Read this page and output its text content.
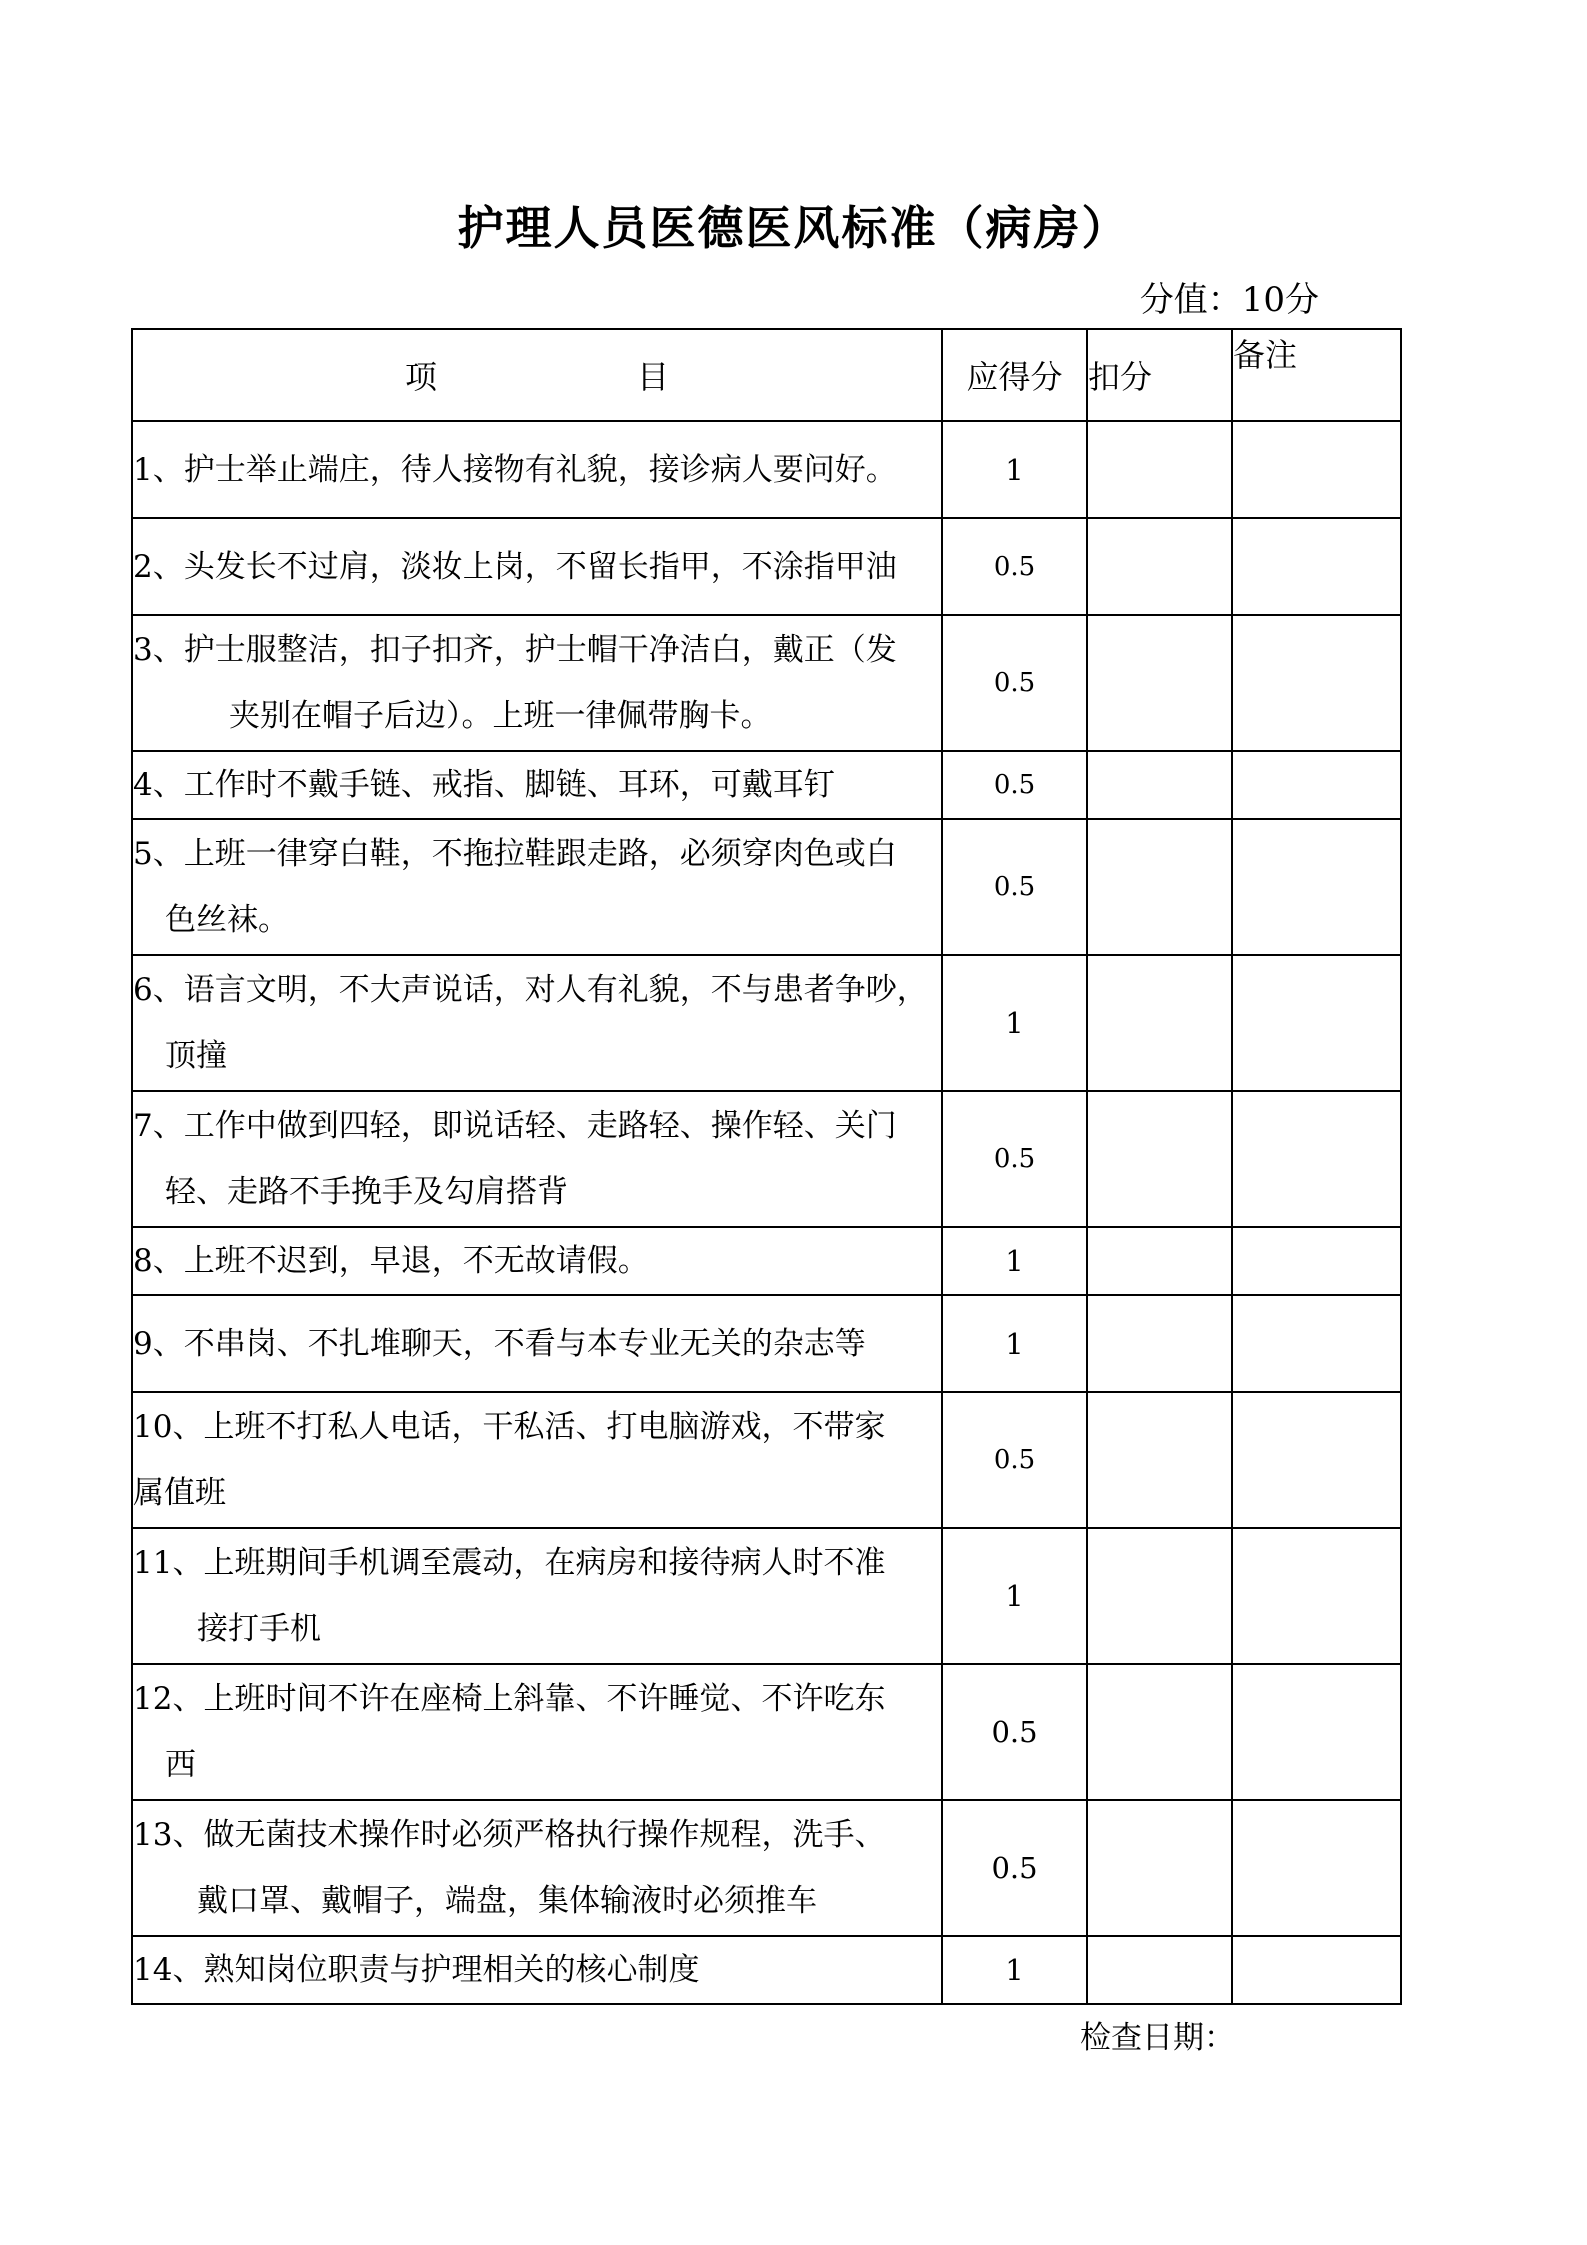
护理人员医德医风标准（病房）
分值：10分
项 目	应得分	扣分	备注
1、护士举止端庄，待人接物有礼貌，接诊病人要问好。	1		
2、头发长不过肩，淡妆上岗，不留长指甲，不涂指甲油	0.5		

3、护士服整洁，扣子扣齐，护士帽干净洁白，戴正（发
夹别在帽子后边）。上班一律佩带胸卡。	0.5		
4、工作时不戴手链、戒指、脚链、耳环，可戴耳钉	0.5		

5、上班一律穿白鞋，不拖拉鞋跟走路，必须穿肉色或白
色丝袜。	0.5		

6、语言文明，不大声说话，对人有礼貌，不与患者争吵，
顶撞	1		

7、工作中做到四轻，即说话轻、走路轻、操作轻、关门
轻、走路不手挽手及勾肩搭背	0.5		
8、上班不迟到，早退，不无故请假。	1		
9、不串岗、不扎堆聊天，不看与本专业无关的杂志等	1		

10、上班不打私人电话，干私活、打电脑游戏，不带家
属值班	0.5		

11、上班期间手机调至震动，在病房和接待病人时不准
接打手机	1		

12、上班时间不许在座椅上斜靠、不许睡觉、不许吃东
西	0.5		

13、做无菌技术操作时必须严格执行操作规程，洗手、
戴口罩、戴帽子，端盘，集体输液时必须推车	0.5		
14、熟知岗位职责与护理相关的核心制度	1		
检查日期：
